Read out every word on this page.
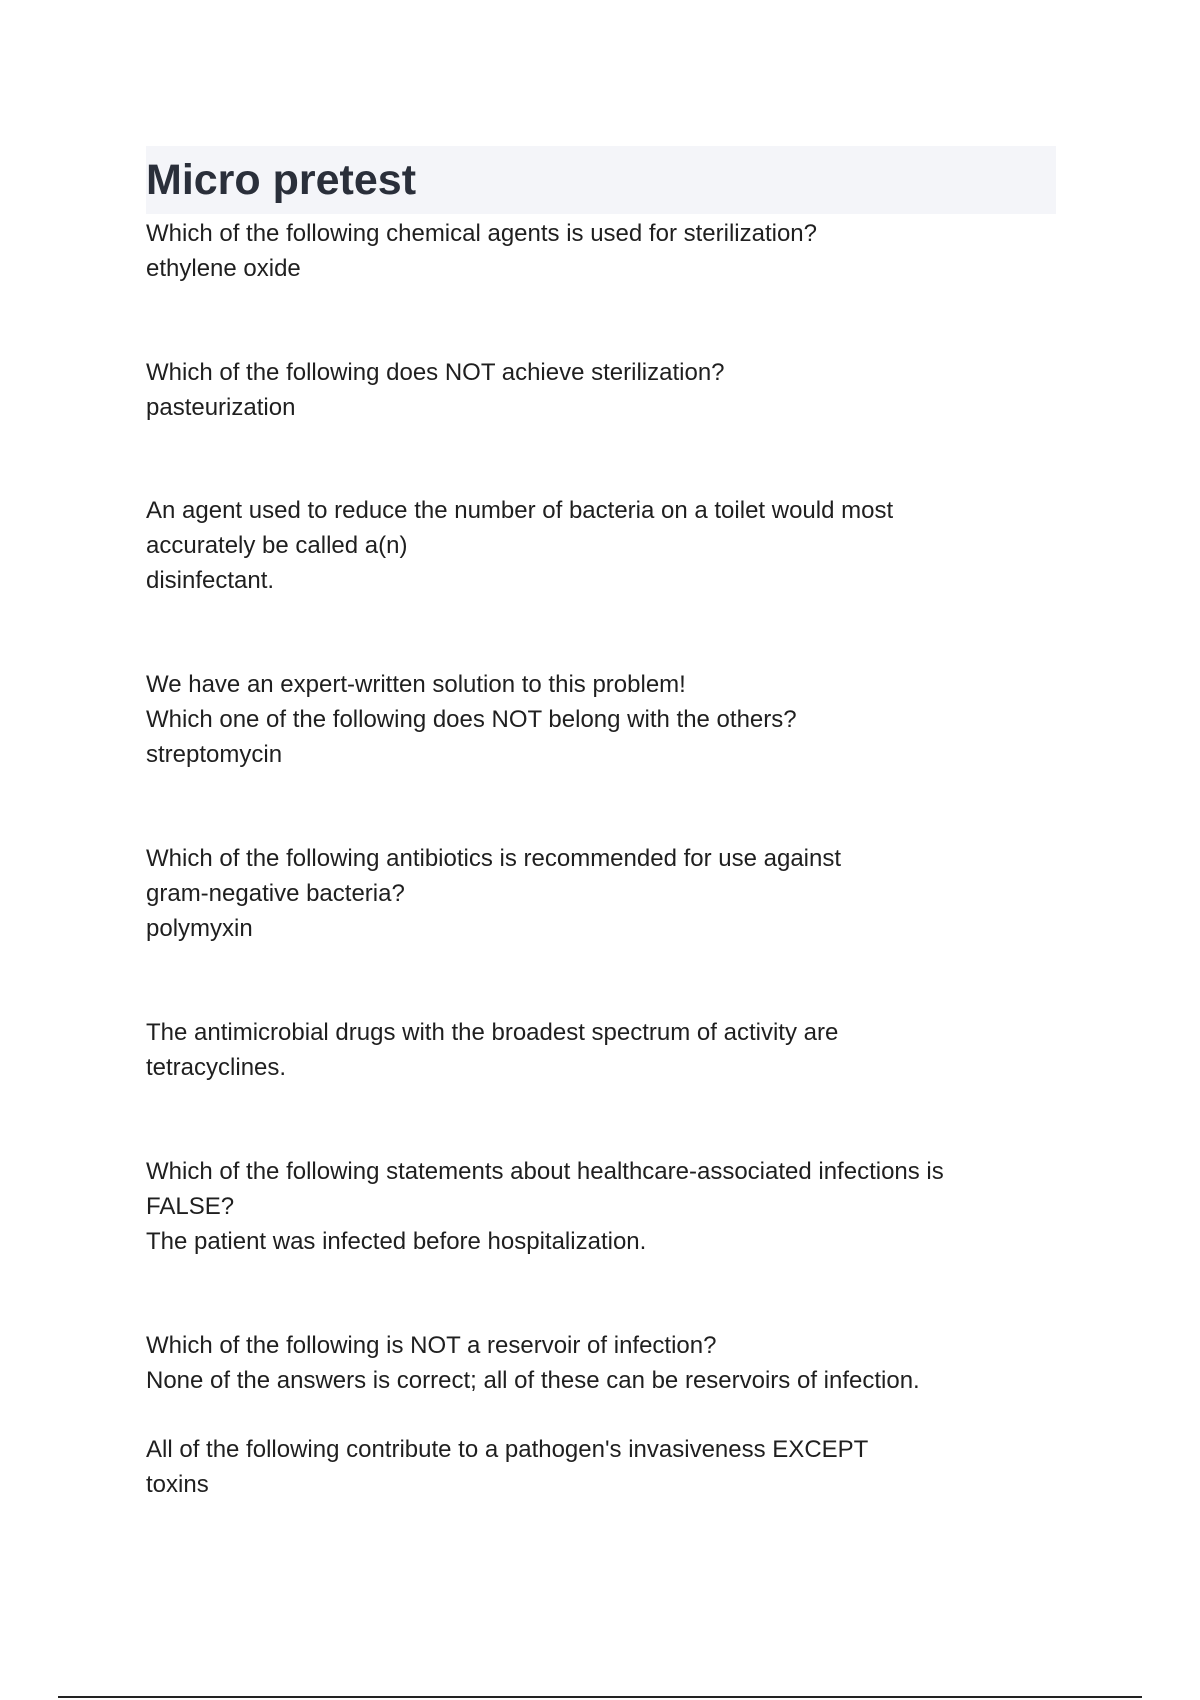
Micro pretest
Which of the following chemical agents is used for sterilization?
ethylene oxide
Which of the following does NOT achieve sterilization?
pasteurization
An agent used to reduce the number of bacteria on a toilet would most
accurately be called a(n)
disinfectant.
We have an expert-written solution to this problem!
Which one of the following does NOT belong with the others?
streptomycin
Which of the following antibiotics is recommended for use against
gram-negative bacteria?
polymyxin
The antimicrobial drugs with the broadest spectrum of activity are
tetracyclines.
Which of the following statements about healthcare-associated infections is
FALSE?
The patient was infected before hospitalization.
Which of the following is NOT a reservoir of infection?
None of the answers is correct; all of these can be reservoirs of infection.
All of the following contribute to a pathogen's invasiveness EXCEPT
toxins
